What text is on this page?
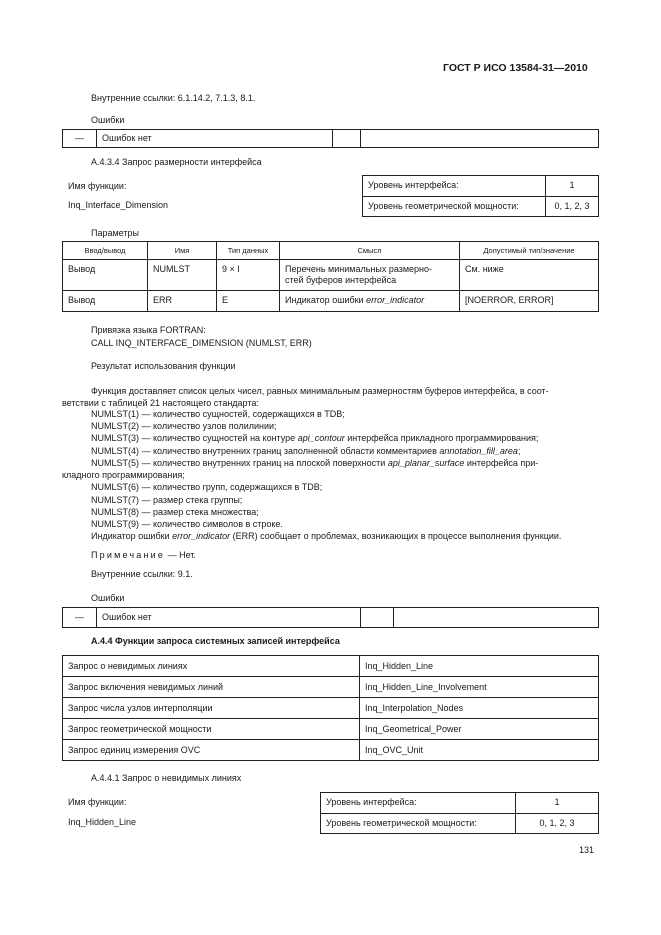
ГОСТ Р ИСО 13584-31—2010
Внутренние ссылки: 6.1.14.2, 7.1.3, 8.1.
Ошибки
—	Ошибок нет		
А.4.3.4 Запрос размерности интерфейса
Имя функции:
Inq_Interface_Dimension
Уровень интерфейса:	1
Уровень геометрической мощности:	0, 1, 2, 3
Параметры
Ввод/вывод	Имя	Тип данных	Смысл	Допустимый тип/значение
Вывод	NUMLST	9 × I	Перечень минимальных размерно-
стей буферов интерфейса	См. ниже
Вывод	ERR	E	Индикатор ошибки error_indicator	[NOERROR, ERROR]
Привязка языка FORTRAN:
CALL INQ_INTERFACE_DIMENSION (NUMLST, ERR)
Результат использования функции
Функция доставляет список целых чисел, равных минимальным размерностям буферов интерфейса, в соот-
ветствии с таблицей 21 настоящего стандарта:
NUMLST(1) — количество сущностей, содержащихся в TDB;
NUMLST(2) — количество узлов полилинии;
NUMLST(3) — количество сущностей на контуре api_contour интерфейса прикладного программирования;
NUMLST(4) — количество внутренних границ заполненной области комментариев annotation_fill_area;
NUMLST(5) — количество внутренних границ на плоской поверхности api_planar_surface интерфейса при-
кладного программирования;
NUMLST(6) — количество групп, содержащихся в TDB;
NUMLST(7) — размер стека группы;
NUMLST(8) — размер стека множества;
NUMLST(9) — количество символов в строке.
Индикатор ошибки error_indicator (ERR) сообщает о проблемах, возникающих в процессе выполнения функции.
Примечание — Нет.
Внутренние ссылки: 9.1.
Ошибки
—	Ошибок нет		
А.4.4 Функции запроса системных записей интерфейса
Запрос о невидимых линиях	Inq_Hidden_Line
Запрос включения невидимых линий	Inq_Hidden_Line_Involvement
Запрос числа узлов интерполяции	Inq_Interpolation_Nodes
Запрос геометрической мощности	Inq_Geometrical_Power
Запрос единиц измерения OVC	Inq_OVC_Unit
А.4.4.1 Запрос о невидимых линиях
Имя функции:
Inq_Hidden_Line
Уровень интерфейса:	1
Уровень геометрической мощности:	0, 1, 2, 3
131
